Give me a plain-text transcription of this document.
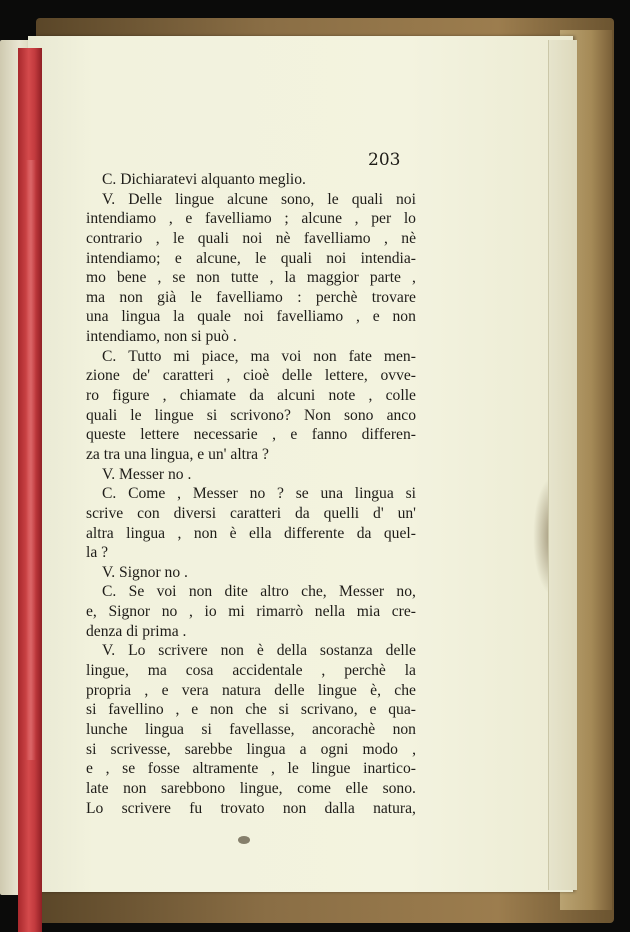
203
C. Dichiaratevi alquanto meglio.
V. Delle lingue alcune sono, le quali noi
intendiamo , e favelliamo ; alcune , per lo
contrario , le quali noi nè favelliamo , nè
intendiamo; e alcune, le quali noi intendia-
mo bene , se non tutte , la maggior parte ,
ma non già le favelliamo : perchè trovare
una lingua la quale noi favelliamo , e non
intendiamo, non si può .
C. Tutto mi piace, ma voi non fate men-
zione de' caratteri , cioè delle lettere, ovve-
ro figure , chiamate da alcuni note , colle
quali le lingue si scrivono? Non sono anco
queste lettere necessarie , e fanno differen-
za tra una lingua, e un' altra ?
V. Messer no .
C. Come , Messer no ? se una lingua si
scrive con diversi caratteri da quelli d' un'
altra lingua , non è ella differente da quel-
la ?
V. Signor no .
C. Se voi non dite altro che, Messer no,
e, Signor no , io mi rimarrò nella mia cre-
denza di prima .
V. Lo scrivere non è della sostanza delle
lingue, ma cosa accidentale , perchè la
propria , e vera natura delle lingue è, che
si favellino , e non che si scrivano, e qua-
lunche lingua si favellasse, ancorachè non
si scrivesse, sarebbe lingua a ogni modo ,
e , se fosse altramente , le lingue inartico-
late non sarebbono lingue, come elle sono.
Lo scrivere fu trovato non dalla natura,
